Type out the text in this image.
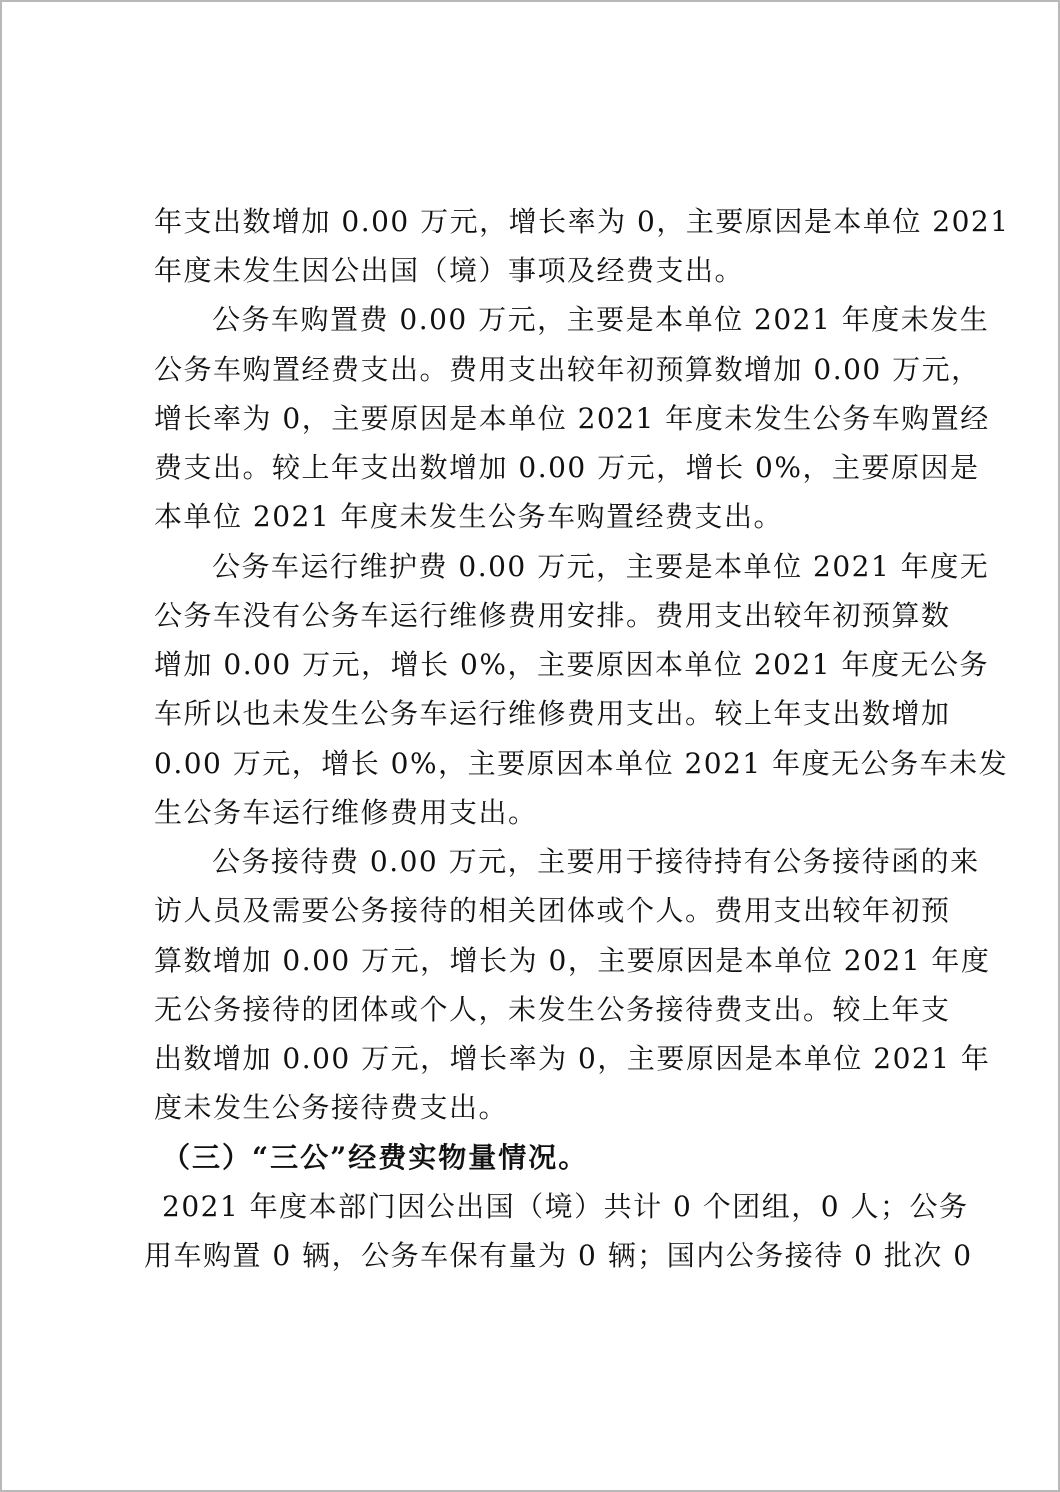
年支出数增加 0.00 万元，增长率为 0，主要原因是本单位 2021
年度未发生因公出国（境）事项及经费支出。
公务车购置费 0.00 万元，主要是本单位 2021 年度未发生
公务车购置经费支出。费用支出较年初预算数增加 0.00 万元，
增长率为 0，主要原因是本单位 2021 年度未发生公务车购置经
费支出。较上年支出数增加 0.00 万元，增长 0%，主要原因是
本单位 2021 年度未发生公务车购置经费支出。
公务车运行维护费 0.00 万元，主要是本单位 2021 年度无
公务车没有公务车运行维修费用安排。费用支出较年初预算数
增加 0.00 万元，增长 0%，主要原因本单位 2021 年度无公务
车所以也未发生公务车运行维修费用支出。较上年支出数增加
0.00 万元，增长 0%，主要原因本单位 2021 年度无公务车未发
生公务车运行维修费用支出。
公务接待费 0.00 万元，主要用于接待持有公务接待函的来
访人员及需要公务接待的相关团体或个人。费用支出较年初预
算数增加 0.00 万元，增长为 0，主要原因是本单位 2021 年度
无公务接待的团体或个人，未发生公务接待费支出。较上年支
出数增加 0.00 万元，增长率为 0，主要原因是本单位 2021 年
度未发生公务接待费支出。
（三）“三公”经费实物量情况。
2021 年度本部门因公出国（境）共计 0 个团组，0 人；公务
用车购置 0 辆，公务车保有量为 0 辆；国内公务接待 0 批次 0
